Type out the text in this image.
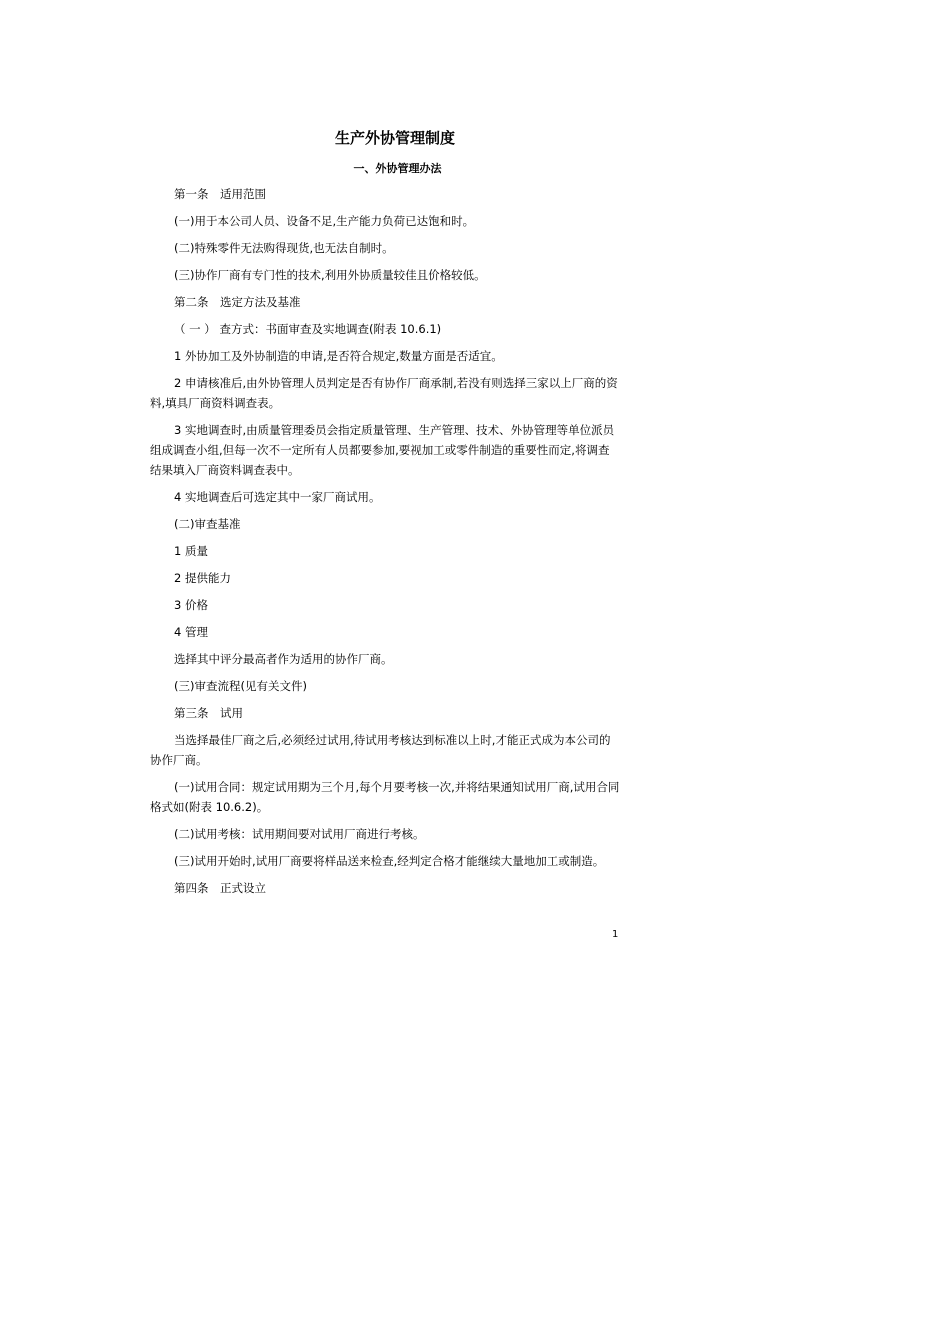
生产外协管理制度
一、外协管理办法

第一条　适用范围

(一)用于本公司人员、设备不足,生产能力负荷已达饱和时。

(二)特殊零件无法购得现货,也无法自制时。

(三)协作厂商有专门性的技术,利用外协质量较佳且价格较低。

第二条　选定方法及基准

（ 一 ） 查方式：书面审查及实地调查(附表 10.6.1)

1 外协加工及外协制造的申请,是否符合规定,数量方面是否适宜。

2 申请核准后,由外协管理人员判定是否有协作厂商承制,若没有则选择三家以上厂商的资料,填具厂商资料调查表。

3 实地调查时,由质量管理委员会指定质量管理、生产管理、技术、外协管理等单位派员组成调查小组,但每一次不一定所有人员都要参加,要视加工或零件制造的重要性而定,将调查结果填入厂商资料调查表中。

4 实地调查后可选定其中一家厂商试用。

(二)审查基准

1 质量

2 提供能力

3 价格

4 管理

选择其中评分最高者作为适用的协作厂商。

(三)审查流程(见有关文件)

第三条　试用

当选择最佳厂商之后,必须经过试用,待试用考核达到标准以上时,才能正式成为本公司的协作厂商。

(一)试用合同：规定试用期为三个月,每个月要考核一次,并将结果通知试用厂商,试用合同格式如(附表 10.6.2)。

(二)试用考核：试用期间要对试用厂商进行考核。

(三)试用开始时,试用厂商要将样品送来检查,经判定合格才能继续大量地加工或制造。

第四条　正式设立

1
